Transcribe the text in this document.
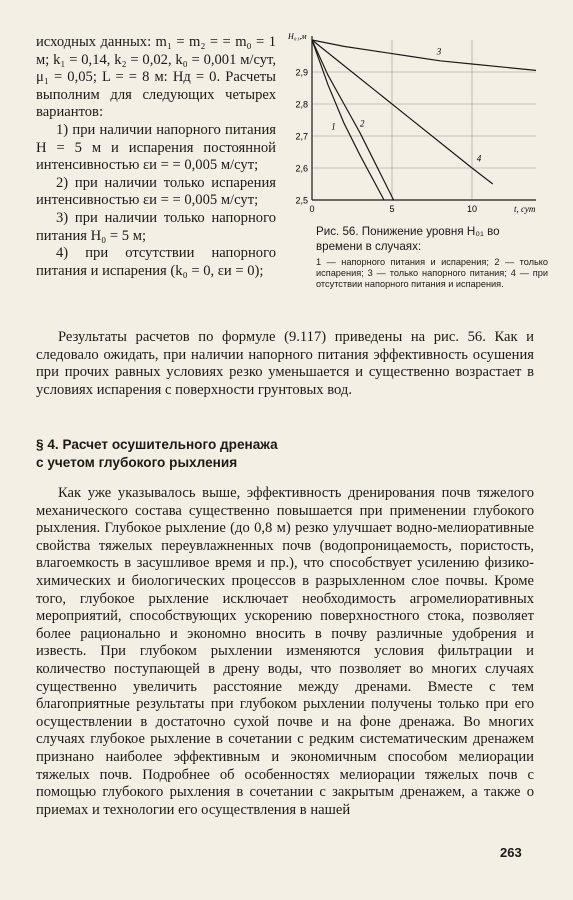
исходных данных: m₁ = m₂ = = m₀ = 1 м; k₁ = 0,14, k₂ = 0,02, k₀ = 0,001 м/сут, μ₁ = 0,05; L = = 8 м: Hд = 0. Расчеты выполним для следующих четырех вариантов:

1) при наличии напорного питания H = 5 м и испарения постоянной интенсивностью εи = = 0,005 м/сут;

2) при наличии только испарения интенсивностью εи = = 0,005 м/сут;

3) при наличии только напорного питания H₀ = 5 м;

4) при отсутствии напорного питания и испарения (k₀ = 0, εи = 0);

2,5
2,6
2,7
2,8
2,9
0	5	10
H₀₁,м
t, сут
1	2
3
4
Рис. 56. Понижение уровня H₀₁ во времени в случаях:
1 — напорного питания и испарения; 2 — только испарения; 3 — только напорного питания; 4 — при отсутствии напорного питания и испарения.

Результаты расчетов по формуле (9.117) приведены на рис. 56. Как и следовало ожидать, при наличии напорного питания эффективность осушения при прочих равных условиях резко уменьшается и существенно возрастает в условиях испарения с поверхности грунтовых вод.

§ 4. Расчет осушительного дренажа
с учетом глубокого рыхления

Как уже указывалось выше, эффективность дренирования почв тяжелого механического состава существенно повышается при применении глубокого рыхления. Глубокое рыхление (до 0,8 м) резко улучшает водно-мелиоративные свойства тяжелых переувлажненных почв (водопроницаемость, пористость, влагоемкость в засушливое время и пр.), что способствует усилению физико-химических и биологических процессов в разрыхленном слое почвы. Кроме того, глубокое рыхление исключает необходимость агромелиоративных мероприятий, способствующих ускорению поверхностного стока, позволяет более рационально и экономно вносить в почву различные удобрения и известь. При глубоком рыхлении изменяются условия фильтрации и количество поступающей в дрену воды, что позволяет во многих случаях существенно увеличить расстояние между дренами. Вместе с тем благоприятные результаты при глубоком рыхлении получены только при его осуществлении в достаточно сухой почве и на фоне дренажа. Во многих случаях глубокое рыхление в сочетании с редким систематическим дренажем признано наиболее эффективным и экономичным способом мелиорации тяжелых почв. Подробнее об особенностях мелиорации тяжелых почв с помощью глубокого рыхления в сочетании с закрытым дренажем, а также о приемах и технологии его осуществления в нашей

263
